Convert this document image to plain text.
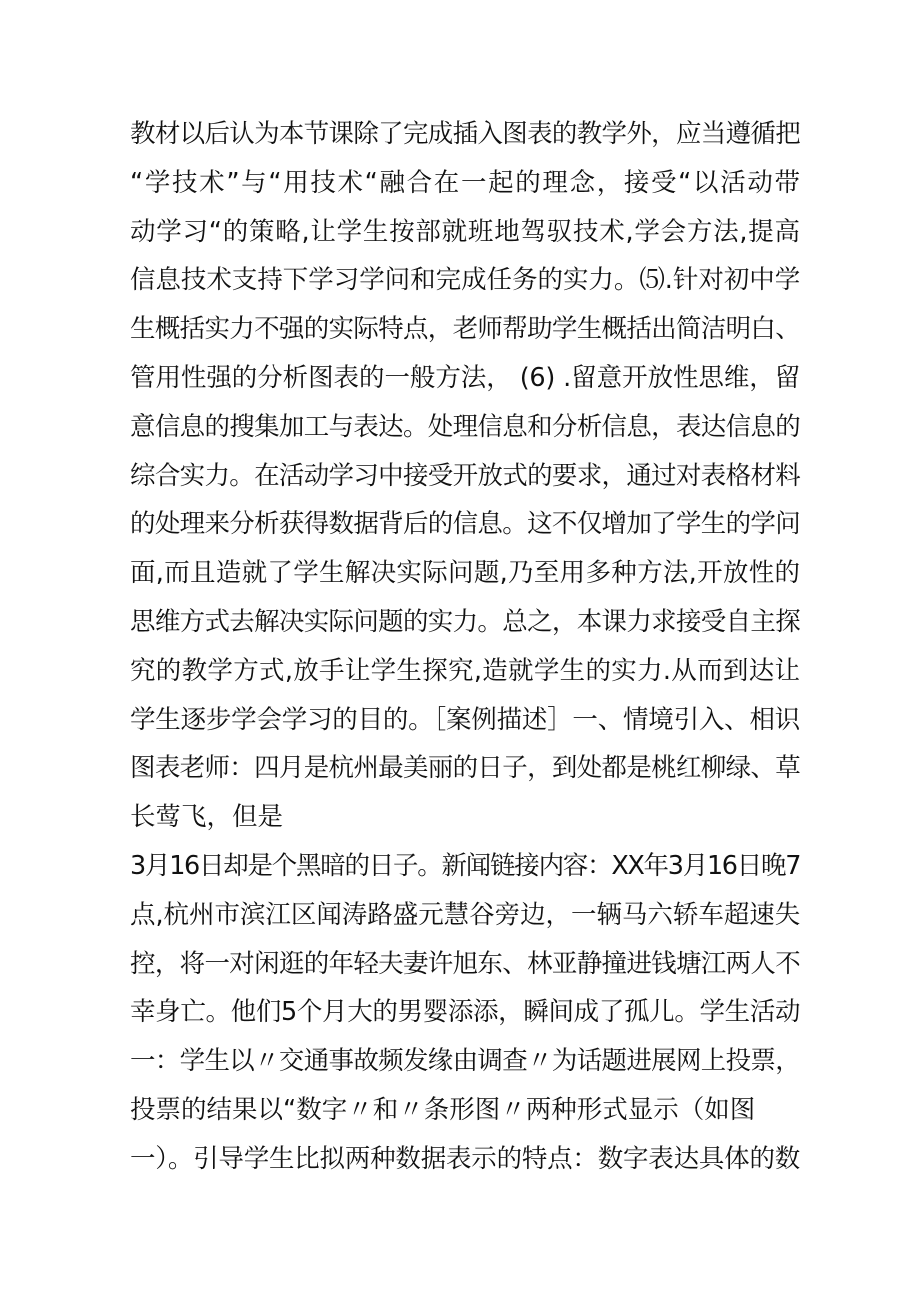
教材以后认为本节课除了完成插入图表的教学外，应当遵循把
“学技术”与“用技术“融合在一起的理念，接受“以活动带
动学习“的策略,让学生按部就班地驾驭技术,学会方法,提高
信息技术支持下学习学问和完成任务的实力。⑸.针对初中学
生概括实力不强的实际特点，老师帮助学生概括出简洁明白、
管用性强的分析图表的一般方法， (6) .留意开放性思维，留
意信息的搜集加工与表达。处理信息和分析信息，表达信息的
综合实力。在活动学习中接受开放式的要求，通过对表格材料
的处理来分析获得数据背后的信息。这不仅增加了学生的学问
面,而且造就了学生解决实际问题,乃至用多种方法,开放性的
思维方式去解决实际问题的实力。总之，本课力求接受自主探
究的教学方式,放手让学生探究,造就学生的实力.从而到达让
学生逐步学会学习的目的。［案例描述］一、情境引入、相识
图表老师：四月是杭州最美丽的日子，到处都是桃红柳绿、草
长莺飞，但是
3月16日却是个黑暗的日子。新闻链接内容：XX年3月16日晚7
点,杭州市滨江区闻涛路盛元慧谷旁边，一辆马六轿车超速失
控，将一对闲逛的年轻夫妻许旭东、林亚静撞进钱塘江两人不
幸身亡。他们5个月大的男婴添添，瞬间成了孤儿。学生活动
一：学生以〃交通事故频发缘由调查〃为话题进展网上投票，
投票的结果以“数字〃和〃条形图〃两种形式显示（如图
一）。引导学生比拟两种数据表示的特点：数字表达具体的数
